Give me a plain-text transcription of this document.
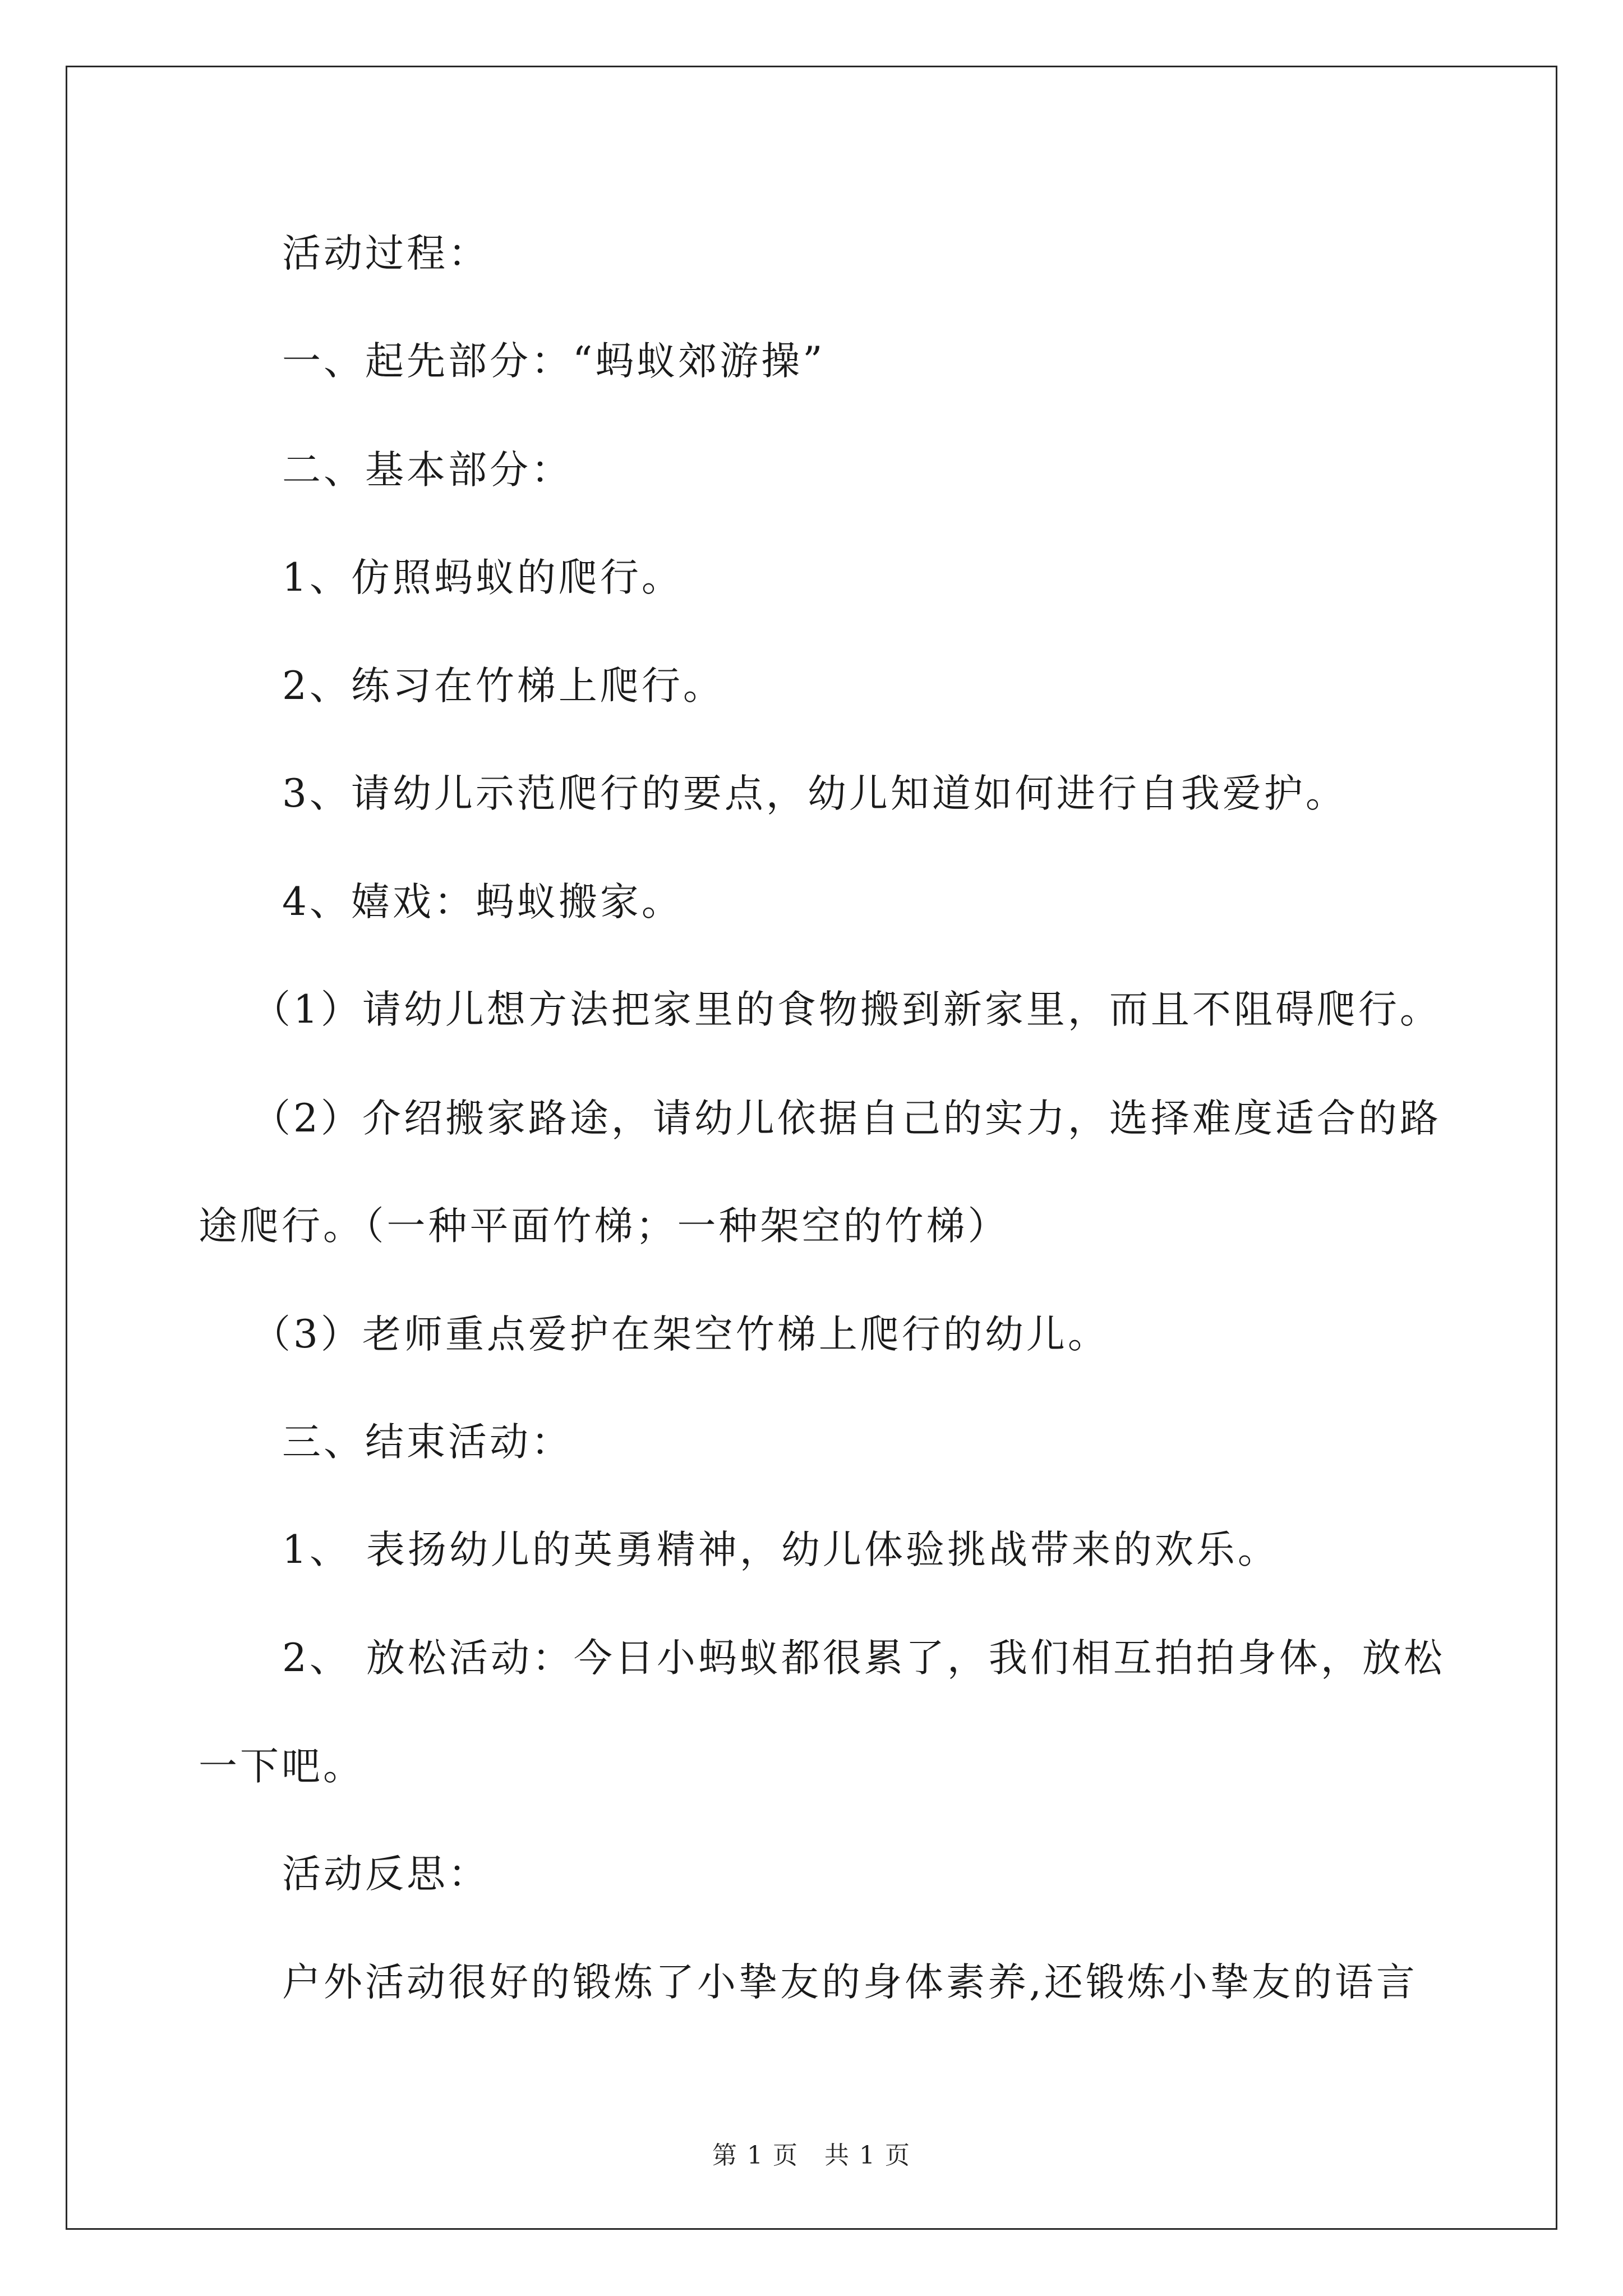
活动过程：
一、起先部分：“蚂蚁郊游操”
二、基本部分：
1、仿照蚂蚁的爬行。
2、练习在竹梯上爬行。
3、请幼儿示范爬行的要点，幼儿知道如何进行自我爱护。
4、嬉戏：蚂蚁搬家。
（1）请幼儿想方法把家里的食物搬到新家里，而且不阻碍爬行。
（2）介绍搬家路途，请幼儿依据自己的实力，选择难度适合的路
途爬行。（一种平面竹梯；一种架空的竹梯）
（3）老师重点爱护在架空竹梯上爬行的幼儿。
三、结束活动：
1、 表扬幼儿的英勇精神，幼儿体验挑战带来的欢乐。
2、 放松活动：今日小蚂蚁都很累了，我们相互拍拍身体，放松
一下吧。
活动反思：
户外活动很好的锻炼了小挚友的身体素养,还锻炼小挚友的语言
第 1 页　共 1 页
